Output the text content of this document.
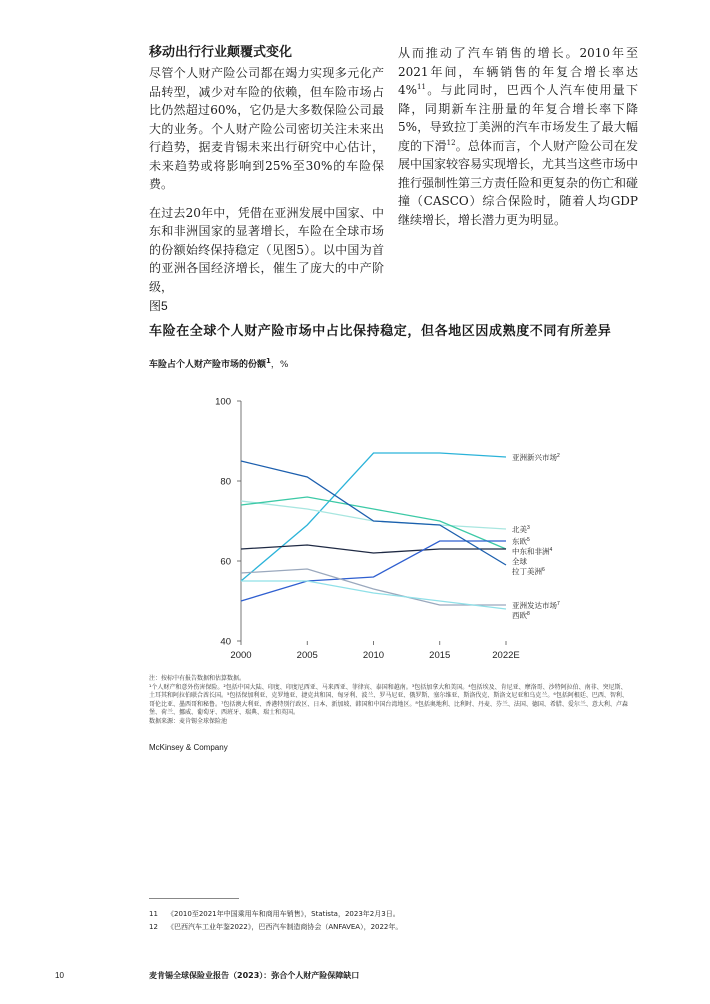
移动出行行业颠覆式变化

尽管个人财产险公司都在竭力实现多元化产品转型，减少对车险的依赖，但车险市场占比仍然超过60%，它仍是大多数保险公司最大的业务。个人财产险公司密切关注未来出行趋势，据麦肯锡未来出行研究中心估计，未来趋势或将影响到25%至30%的车险保费。

在过去20年中，凭借在亚洲发展中国家、中东和非洲国家的显著增长，车险在全球市场的份额始终保持稳定（见图5）。以中国为首的亚洲各国经济增长，催生了庞大的中产阶级，

从而推动了汽车销售的增长。2010年至2021年间，车辆销售的年复合增长率达4%$^{11}$。与此同时，巴西个人汽车使用量下降，同期新车注册量的年复合增长率下降5%，导致拉丁美洲的汽车市场发生了最大幅度的下滑$^{12}$。总体而言，个人财产险公司在发展中国家较容易实现增长，尤其当这些市场中推行强制性第三方责任险和更复杂的伤亡和碰撞（CASCO）综合保险时，随着人均GDP继续增长，增长潜力更为明显。

图5
车险在全球个人财产险市场中占比保持稳定，但各地区因成熟度不同有所差异
车险占个人财产险市场的份额$^1$，%
40
60
80
100
2000	2005	2010	2015	2022E
亚洲新兴市场$^2$
北美$^3$
东欧$^5$
中东和非洲$^4$
全球
拉丁美洲$^6$
亚洲发达市场$^7$
西欧$^8$
注：按标中有报告数据和估算数据。
¹个人财产和意外伤害保险。²包括中国大陆、印度、印度尼西亚、马来西亚、菲律宾、泰国和越南。³包括加拿大和美国。⁴包括埃及、肯尼亚、摩洛哥、沙特阿拉伯、南非、突尼斯、土耳其和阿拉伯联合酋长国。⁵包括保加利亚、克罗地亚、捷克共和国、匈牙利、波兰、罗马尼亚、俄罗斯、塞尔维亚、斯洛伐克、斯洛文尼亚和乌克兰。⁶包括阿根廷、巴西、智利、哥伦比亚、墨西哥和秘鲁。⁷包括澳大利亚、香港特别行政区、日本、新加坡、韩国和中国台湾地区。⁸包括奥地利、比利时、丹麦、芬兰、法国、德国、希腊、爱尔兰、意大利、卢森堡、荷兰、挪威、葡萄牙、西班牙、瑞典、瑞士和英国。
数据来源：麦肯锡全球保险池
McKinsey & Company
11 《2010至2021年中国乘用车和商用车销售》，Statista，2023年2月3日。
12 《巴西汽车工业年鉴2022》，巴西汽车制造商协会（ANFAVEA），2022年。
10	麦肯锡全球保险业报告（2023）：弥合个人财产险保障缺口
